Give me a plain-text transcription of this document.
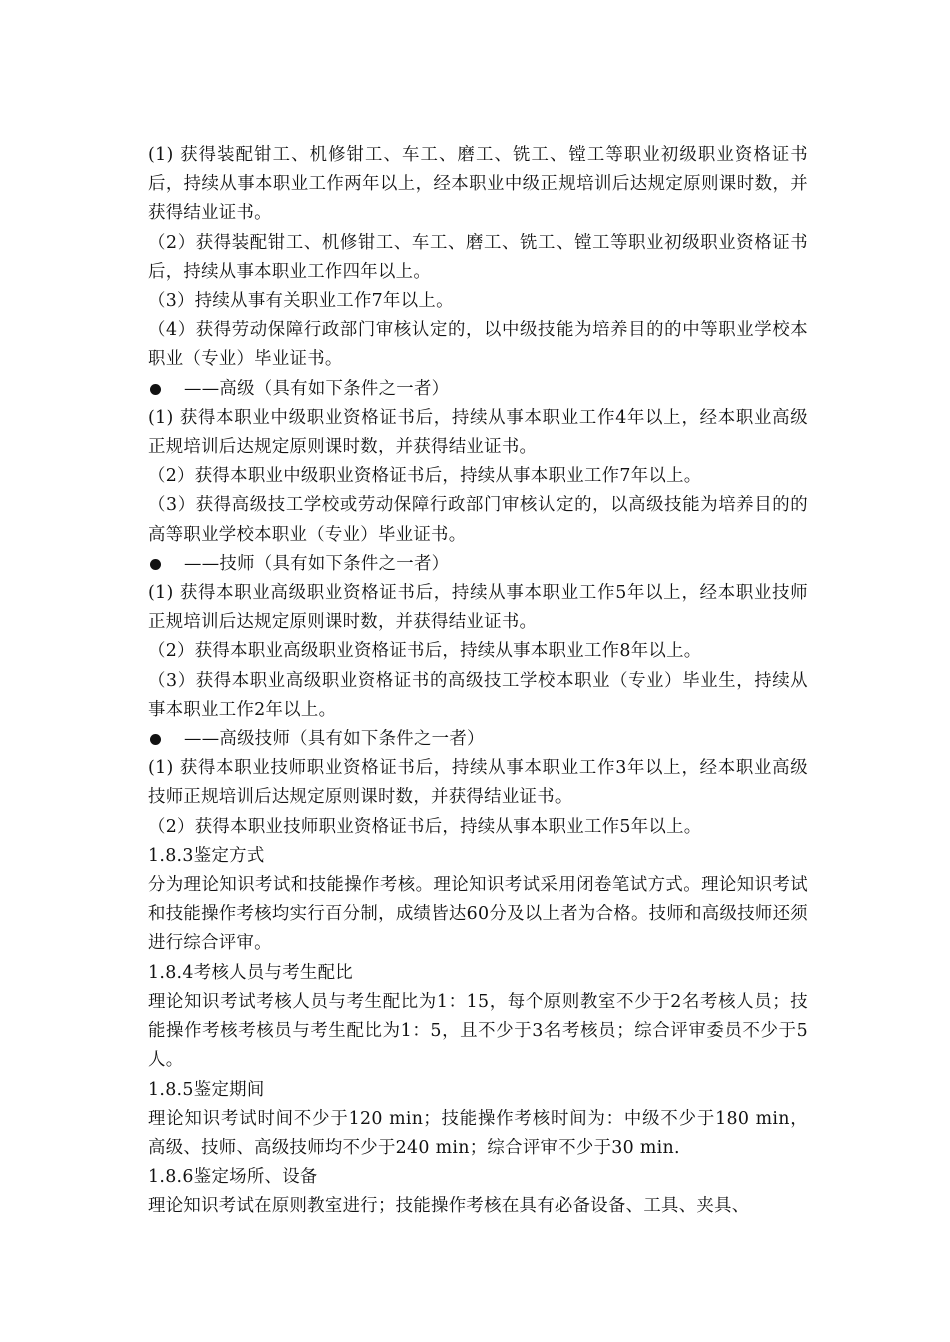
(1) 获得装配钳工、机修钳工、车工、磨工、铣工、镗工等职业初级职业资格证书后，持续从事本职业工作两年以上，经本职业中级正规培训后达规定原则课时数，并获得结业证书。

（2）获得装配钳工、机修钳工、车工、磨工、铣工、镗工等职业初级职业资格证书后，持续从事本职业工作四年以上。

（3）持续从事有关职业工作7年以上。

（4）获得劳动保障行政部门审核认定的，以中级技能为培养目的的中等职业学校本职业（专业）毕业证书。

——高级（具有如下条件之一者）

(1) 获得本职业中级职业资格证书后，持续从事本职业工作4年以上，经本职业高级正规培训后达规定原则课时数，并获得结业证书。

（2）获得本职业中级职业资格证书后，持续从事本职业工作7年以上。

（3）获得高级技工学校或劳动保障行政部门审核认定的，以高级技能为培养目的的高等职业学校本职业（专业）毕业证书。

——技师（具有如下条件之一者）

(1) 获得本职业高级职业资格证书后，持续从事本职业工作5年以上，经本职业技师正规培训后达规定原则课时数，并获得结业证书。

（2）获得本职业高级职业资格证书后，持续从事本职业工作8年以上。

（3）获得本职业高级职业资格证书的高级技工学校本职业（专业）毕业生，持续从事本职业工作2年以上。

——高级技师（具有如下条件之一者）

(1) 获得本职业技师职业资格证书后，持续从事本职业工作3年以上，经本职业高级技师正规培训后达规定原则课时数，并获得结业证书。

（2）获得本职业技师职业资格证书后，持续从事本职业工作5年以上。

1.8.3鉴定方式

分为理论知识考试和技能操作考核。理论知识考试采用闭卷笔试方式。理论知识考试和技能操作考核均实行百分制，成绩皆达60分及以上者为合格。技师和高级技师还须进行综合评审。

1.8.4考核人员与考生配比

理论知识考试考核人员与考生配比为1：15，每个原则教室不少于2名考核人员；技能操作考核考核员与考生配比为1：5，且不少于3名考核员；综合评审委员不少于5人。

1.8.5鉴定期间

理论知识考试时间不少于120 min；技能操作考核时间为：中级不少于180 min，高级、技师、高级技师均不少于240 min；综合评审不少于30 min.

1.8.6鉴定场所、设备

理论知识考试在原则教室进行；技能操作考核在具有必备设备、工具、夹具、
